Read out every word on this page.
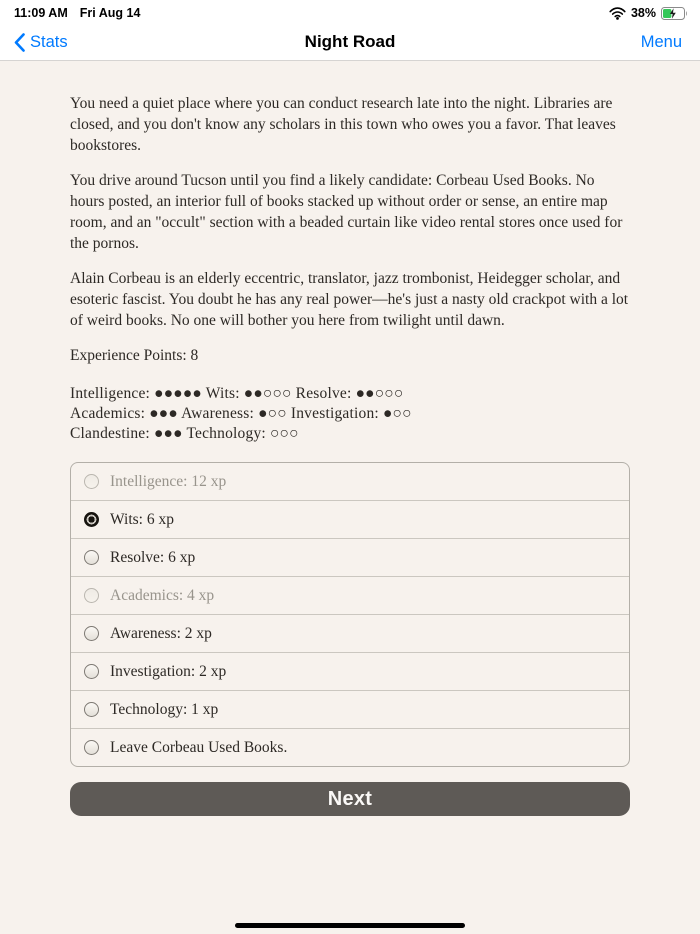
11:09 AM Fri Aug 14	38%
Stats	Night Road	Menu

You need a quiet place where you can conduct research late into the night. Libraries are closed, and you don't know any scholars in this town who owes you a favor. That leaves bookstores.

You drive around Tucson until you find a likely candidate: Corbeau Used Books. No hours posted, an interior full of books stacked up without order or sense, an entire map room, and an "occult" section with a beaded curtain like video rental stores once used for the pornos.

Alain Corbeau is an elderly eccentric, translator, jazz trombonist, Heidegger scholar, and esoteric fascist. You doubt he has any real power—he's just a nasty old crackpot with a lot of weird books. No one will bother you here from twilight until dawn.

Experience Points: 8

Intelligence: ●●●●● Wits: ●●○○○ Resolve: ●●○○○
Academics: ●●● Awareness: ●○○ Investigation: ●○○
Clandestine: ●●● Technology: ○○○
Intelligence: 12 xp
Wits: 6 xp
Resolve: 6 xp
Academics: 4 xp
Awareness: 2 xp
Investigation: 2 xp
Technology: 1 xp
Leave Corbeau Used Books.
Next
